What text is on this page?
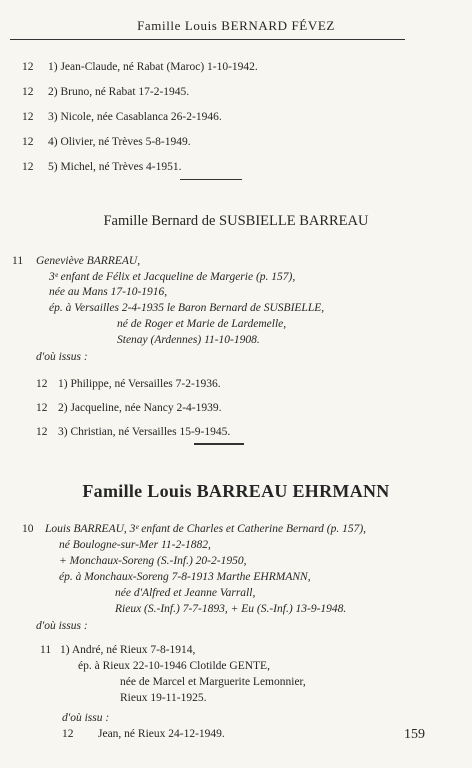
Famille Louis BERNARD FÉVEZ
12 1) Jean-Claude, né Rabat (Maroc) 1-10-1942.
12 2) Bruno, né Rabat 17-2-1945.
12 3) Nicole, née Casablanca 26-2-1946.
12 4) Olivier, né Trèves 5-8-1949.
12 5) Michel, né Trèves 4-1951.
Famille Bernard de SUSBIELLE BARREAU
11 Geneviève BARREAU,
3ᵉ enfant de Félix et Jacqueline de Margerie (p. 157),
née au Mans 17-10-1916,
ép. à Versailles 2-4-1935 le Baron Bernard de SUSBIELLE,
né de Roger et Marie de Lardemelle,
Stenay (Ardennes) 11-10-1908.
d'où issus :
12 1) Philippe, né Versailles 7-2-1936.
12 2) Jacqueline, née Nancy 2-4-1939.
12 3) Christian, né Versailles 15-9-1945.
Famille Louis BARREAU EHRMANN
10 Louis BARREAU, 3ᵉ enfant de Charles et Catherine Bernard (p. 157),
né Boulogne-sur-Mer 11-2-1882,
+ Monchaux-Soreng (S.-Inf.) 20-2-1950,
ép. à Monchaux-Soreng 7-8-1913 Marthe EHRMANN,
née d'Alfred et Jeanne Varrall,
Rieux (S.-Inf.) 7-7-1893, + Eu (S.-Inf.) 13-9-1948.
d'où issus :
11 1) André, né Rieux 7-8-1914,
ép. à Rieux 22-10-1946 Clotilde GENTE,
née de Marcel et Marguerite Lemonnier,
Rieux 19-11-1925.
d'où issu :
12 Jean, né Rieux 24-12-1949.	159
